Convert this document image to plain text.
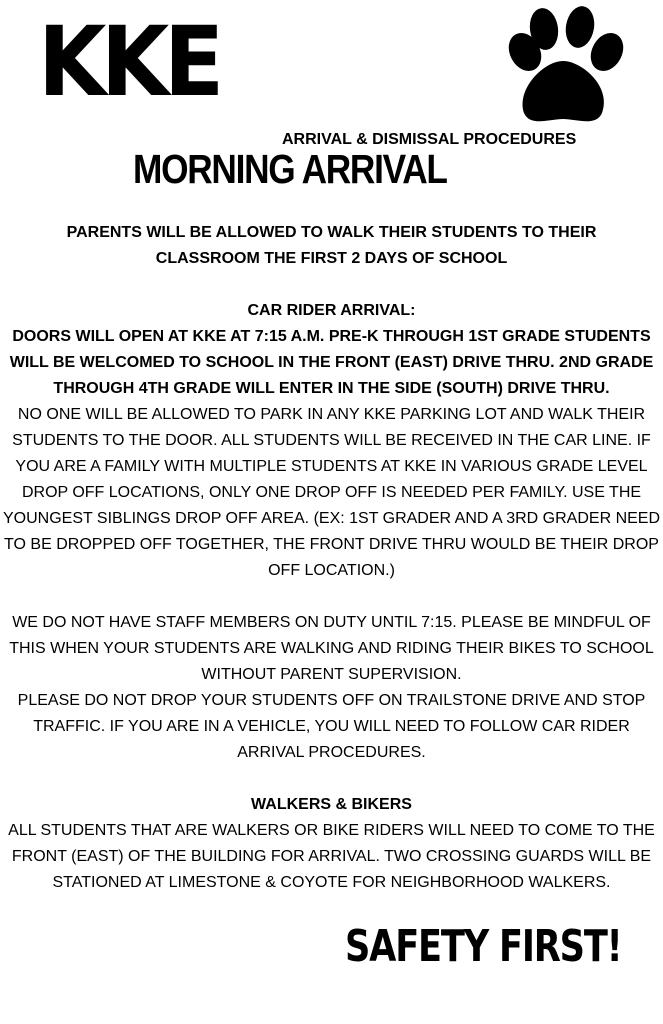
KKE

ARRIVAL & DISMISSAL PROCEDURES

MORNING ARRIVAL

PARENTS WILL BE ALLOWED TO WALK THEIR STUDENTS TO THEIR

CLASSROOM THE FIRST 2 DAYS OF SCHOOL

CAR RIDER ARRIVAL:

DOORS WILL OPEN AT KKE AT 7:15 A.M. PRE-K THROUGH 1ST GRADE STUDENTS

WILL BE WELCOMED TO SCHOOL IN THE FRONT (EAST) DRIVE THRU. 2ND GRADE

THROUGH 4TH GRADE WILL ENTER IN THE SIDE (SOUTH) DRIVE THRU.

NO ONE WILL BE ALLOWED TO PARK IN ANY KKE PARKING LOT AND WALK THEIR

STUDENTS TO THE DOOR. ALL STUDENTS WILL BE RECEIVED IN THE CAR LINE. IF

YOU ARE A FAMILY WITH MULTIPLE STUDENTS AT KKE IN VARIOUS GRADE LEVEL

DROP OFF LOCATIONS, ONLY ONE DROP OFF IS NEEDED PER FAMILY. USE THE

YOUNGEST SIBLINGS DROP OFF AREA. (EX: 1ST GRADER AND A 3RD GRADER NEED

TO BE DROPPED OFF TOGETHER, THE FRONT DRIVE THRU WOULD BE THEIR DROP

OFF LOCATION.)

WE DO NOT HAVE STAFF MEMBERS ON DUTY UNTIL 7:15. PLEASE BE MINDFUL OF

THIS WHEN YOUR STUDENTS ARE WALKING AND RIDING THEIR BIKES TO SCHOOL

WITHOUT PARENT SUPERVISION.

PLEASE DO NOT DROP YOUR STUDENTS OFF ON TRAILSTONE DRIVE AND STOP

TRAFFIC. IF YOU ARE IN A VEHICLE, YOU WILL NEED TO FOLLOW CAR RIDER

ARRIVAL PROCEDURES.

WALKERS & BIKERS

ALL STUDENTS THAT ARE WALKERS OR BIKE RIDERS WILL NEED TO COME TO THE

FRONT (EAST) OF THE BUILDING FOR ARRIVAL. TWO CROSSING GUARDS WILL BE

STATIONED AT LIMESTONE & COYOTE FOR NEIGHBORHOOD WALKERS.

SAFETY FIRST!
